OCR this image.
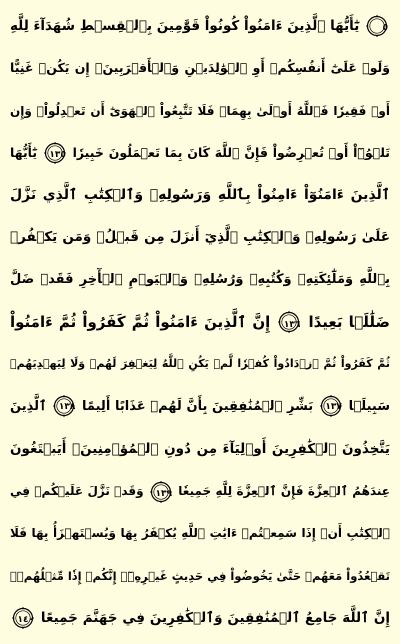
٥ يَٰٓأَيُّهَا ٱلَّذِينَ ءَامَنُواْ كُونُواْ قَوَّٰمِينَ بِٱلۡقِسۡطِ شُهَدَآءَ لِلَّهِ
وَلَوۡ عَلَىٰٓ أَنفُسِكُمۡ أَوِ ٱلۡوَٰلِدَيۡنِ وَٱلۡأَقۡرَبِينَۚ إِن يَكُنۡ غَنِيًّا
أَوۡ فَقِيرٗا فَٱللَّهُ أَوۡلَىٰ بِهِمَاۖ فَلَا تَتَّبِعُواْ ٱلۡهَوَىٰٓ أَن تَعۡدِلُواْۚ وَإِن
تَلۡوُۥٓاْ أَوۡ تُعۡرِضُواْ فَإِنَّ ٱللَّهَ كَانَ بِمَا تَعۡمَلُونَ خَبِيرٗا
١٣٥ يَٰٓأَيُّهَا
ٱلَّذِينَ ءَامَنُوٓاْ ءَامِنُواْ بِٱللَّهِ وَرَسُولِهِۦ وَٱلۡكِتَٰبِ ٱلَّذِي نَزَّلَ
عَلَىٰ رَسُولِهِۦ وَٱلۡكِتَٰبِ ٱلَّذِيٓ أَنزَلَ مِن قَبۡلُۚ وَمَن يَكۡفُرۡ
بِٱللَّهِ وَمَلَٰٓئِكَتِهِۦ وَكُتُبِهِۦ وَرُسُلِهِۦ وَٱلۡيَوۡمِ ٱلۡأٓخِرِ فَقَدۡ ضَلَّ
ضَلَٰلَۢا بَعِيدًا
١٣٦ إِنَّ ٱلَّذِينَ ءَامَنُواْ ثُمَّ كَفَرُواْ ثُمَّ ءَامَنُواْ
ثُمَّ كَفَرُواْ ثُمَّ ٱزۡدَادُواْ كُفۡرٗا لَّمۡ يَكُنِ ٱللَّهُ لِيَغۡفِرَ لَهُمۡ وَلَا لِيَهۡدِيَهُمۡ
سَبِيلَۢا
١٣٧ بَشِّرِ ٱلۡمُنَٰفِقِينَ بِأَنَّ لَهُمۡ عَذَابًا أَلِيمًا
١٣٨ ٱلَّذِينَ
يَتَّخِذُونَ ٱلۡكَٰفِرِينَ أَوۡلِيَآءَ مِن دُونِ ٱلۡمُؤۡمِنِينَۚ أَيَبۡتَغُونَ
عِندَهُمُ ٱلۡعِزَّةَ فَإِنَّ ٱلۡعِزَّةَ لِلَّهِ جَمِيعٗا
١٣٩ وَقَدۡ نَزَّلَ عَلَيۡكُمۡ فِي
ٱلۡكِتَٰبِ أَنۡ إِذَا سَمِعۡتُمۡ ءَايَٰتِ ٱللَّهِ يُكۡفَرُ بِهَا وَيُسۡتَهۡزَأُ بِهَا فَلَا
تَقۡعُدُواْ مَعَهُمۡ حَتَّىٰ يَخُوضُواْ فِي حَدِيثٍ غَيۡرِهِۦٓۚ إِنَّكُمۡ إِذٗا مِّثۡلُهُمۡۗ
إِنَّ ٱللَّهَ جَامِعُ ٱلۡمُنَٰفِقِينَ وَٱلۡكَٰفِرِينَ فِي جَهَنَّمَ جَمِيعًا
١٤٠
